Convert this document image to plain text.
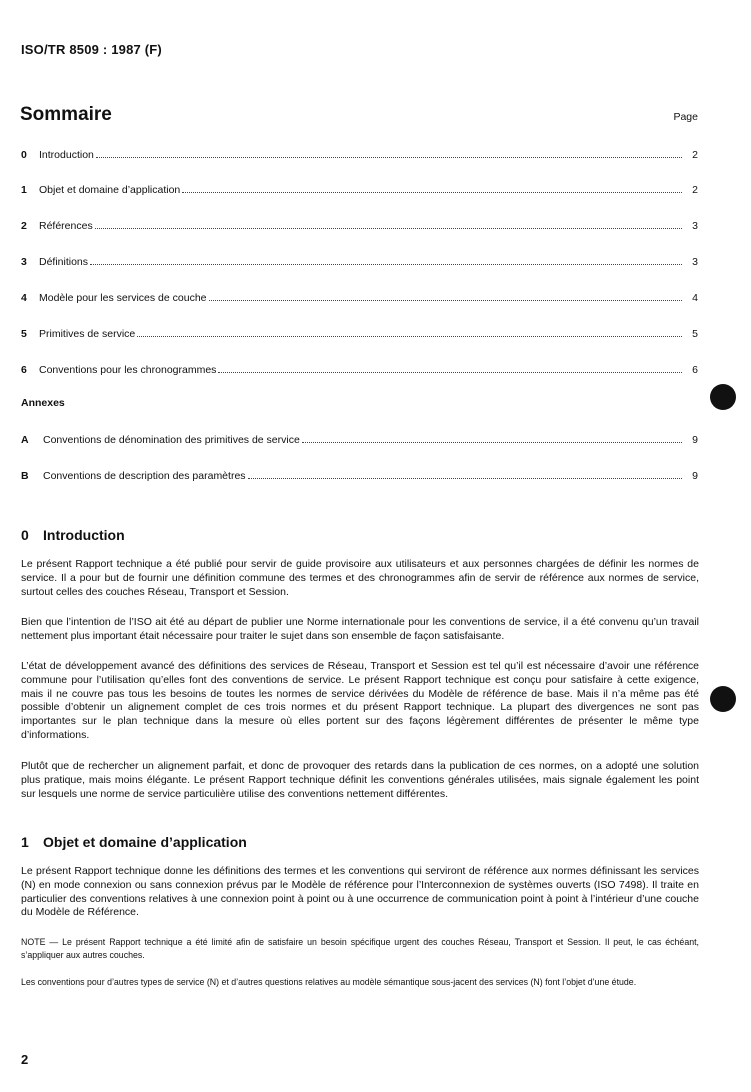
ISO/TR 8509 : 1987 (F)
Sommaire	Page
0	Introduction	2
1	Objet et domaine d’application	2
2	Références	3
3	Définitions	3
4	Modèle pour les services de couche	4
5	Primitives de service	5
6	Conventions pour les chronogrammes	6
Annexes
A	Conventions de dénomination des primitives de service	9
B	Conventions de description des paramètres	9
0 Introduction

Le présent Rapport technique a été publié pour servir de guide provisoire aux utilisateurs et aux personnes chargées de définir les normes de service. Il a pour but de fournir une définition commune des termes et des chronogrammes afin de servir de référence aux normes de service, surtout celles des couches Réseau, Transport et Session.

Bien que l’intention de l’ISO ait été au départ de publier une Norme internationale pour les conventions de service, il a été convenu qu’un travail nettement plus important était nécessaire pour traiter le sujet dans son ensemble de façon satisfaisante.

L’état de développement avancé des définitions des services de Réseau, Transport et Session est tel qu’il est nécessaire d’avoir une référence commune pour l’utilisation qu’elles font des conventions de service. Le présent Rapport technique est conçu pour satisfaire à cette exigence, mais il ne couvre pas tous les besoins de toutes les normes de service dérivées du Modèle de référence de base. Mais il n’a même pas été possible d’obtenir un alignement complet de ces trois normes et du présent Rapport technique. La plupart des divergences ne sont pas importantes sur le plan technique dans la mesure où elles portent sur des façons légèrement différentes de présenter le même type d’informations.

Plutôt que de rechercher un alignement parfait, et donc de provoquer des retards dans la publication de ces normes, on a adopté une solution plus pratique, mais moins élégante. Le présent Rapport technique définit les conventions générales utilisées, mais signale également les point sur lesquels une norme de service particulière utilise des conventions nettement différentes.

1 Objet et domaine d’application

Le présent Rapport technique donne les définitions des termes et les conventions qui serviront de référence aux normes définissant les services (N) en mode connexion ou sans connexion prévus par le Modèle de référence pour l’Interconnexion de systèmes ouverts (ISO 7498). Il traite en particulier des conventions relatives à une connexion point à point ou à une occurrence de communication point à point à l’intérieur d’une couche du Modèle de Référence.

NOTE — Le présent Rapport technique a été limité afin de satisfaire un besoin spécifique urgent des couches Réseau, Transport et Session. Il peut, le cas échéant, s’appliquer aux autres couches.

Les conventions pour d’autres types de service (N) et d’autres questions relatives au modèle sémantique sous-jacent des services (N) font l’objet d’une étude.

2
